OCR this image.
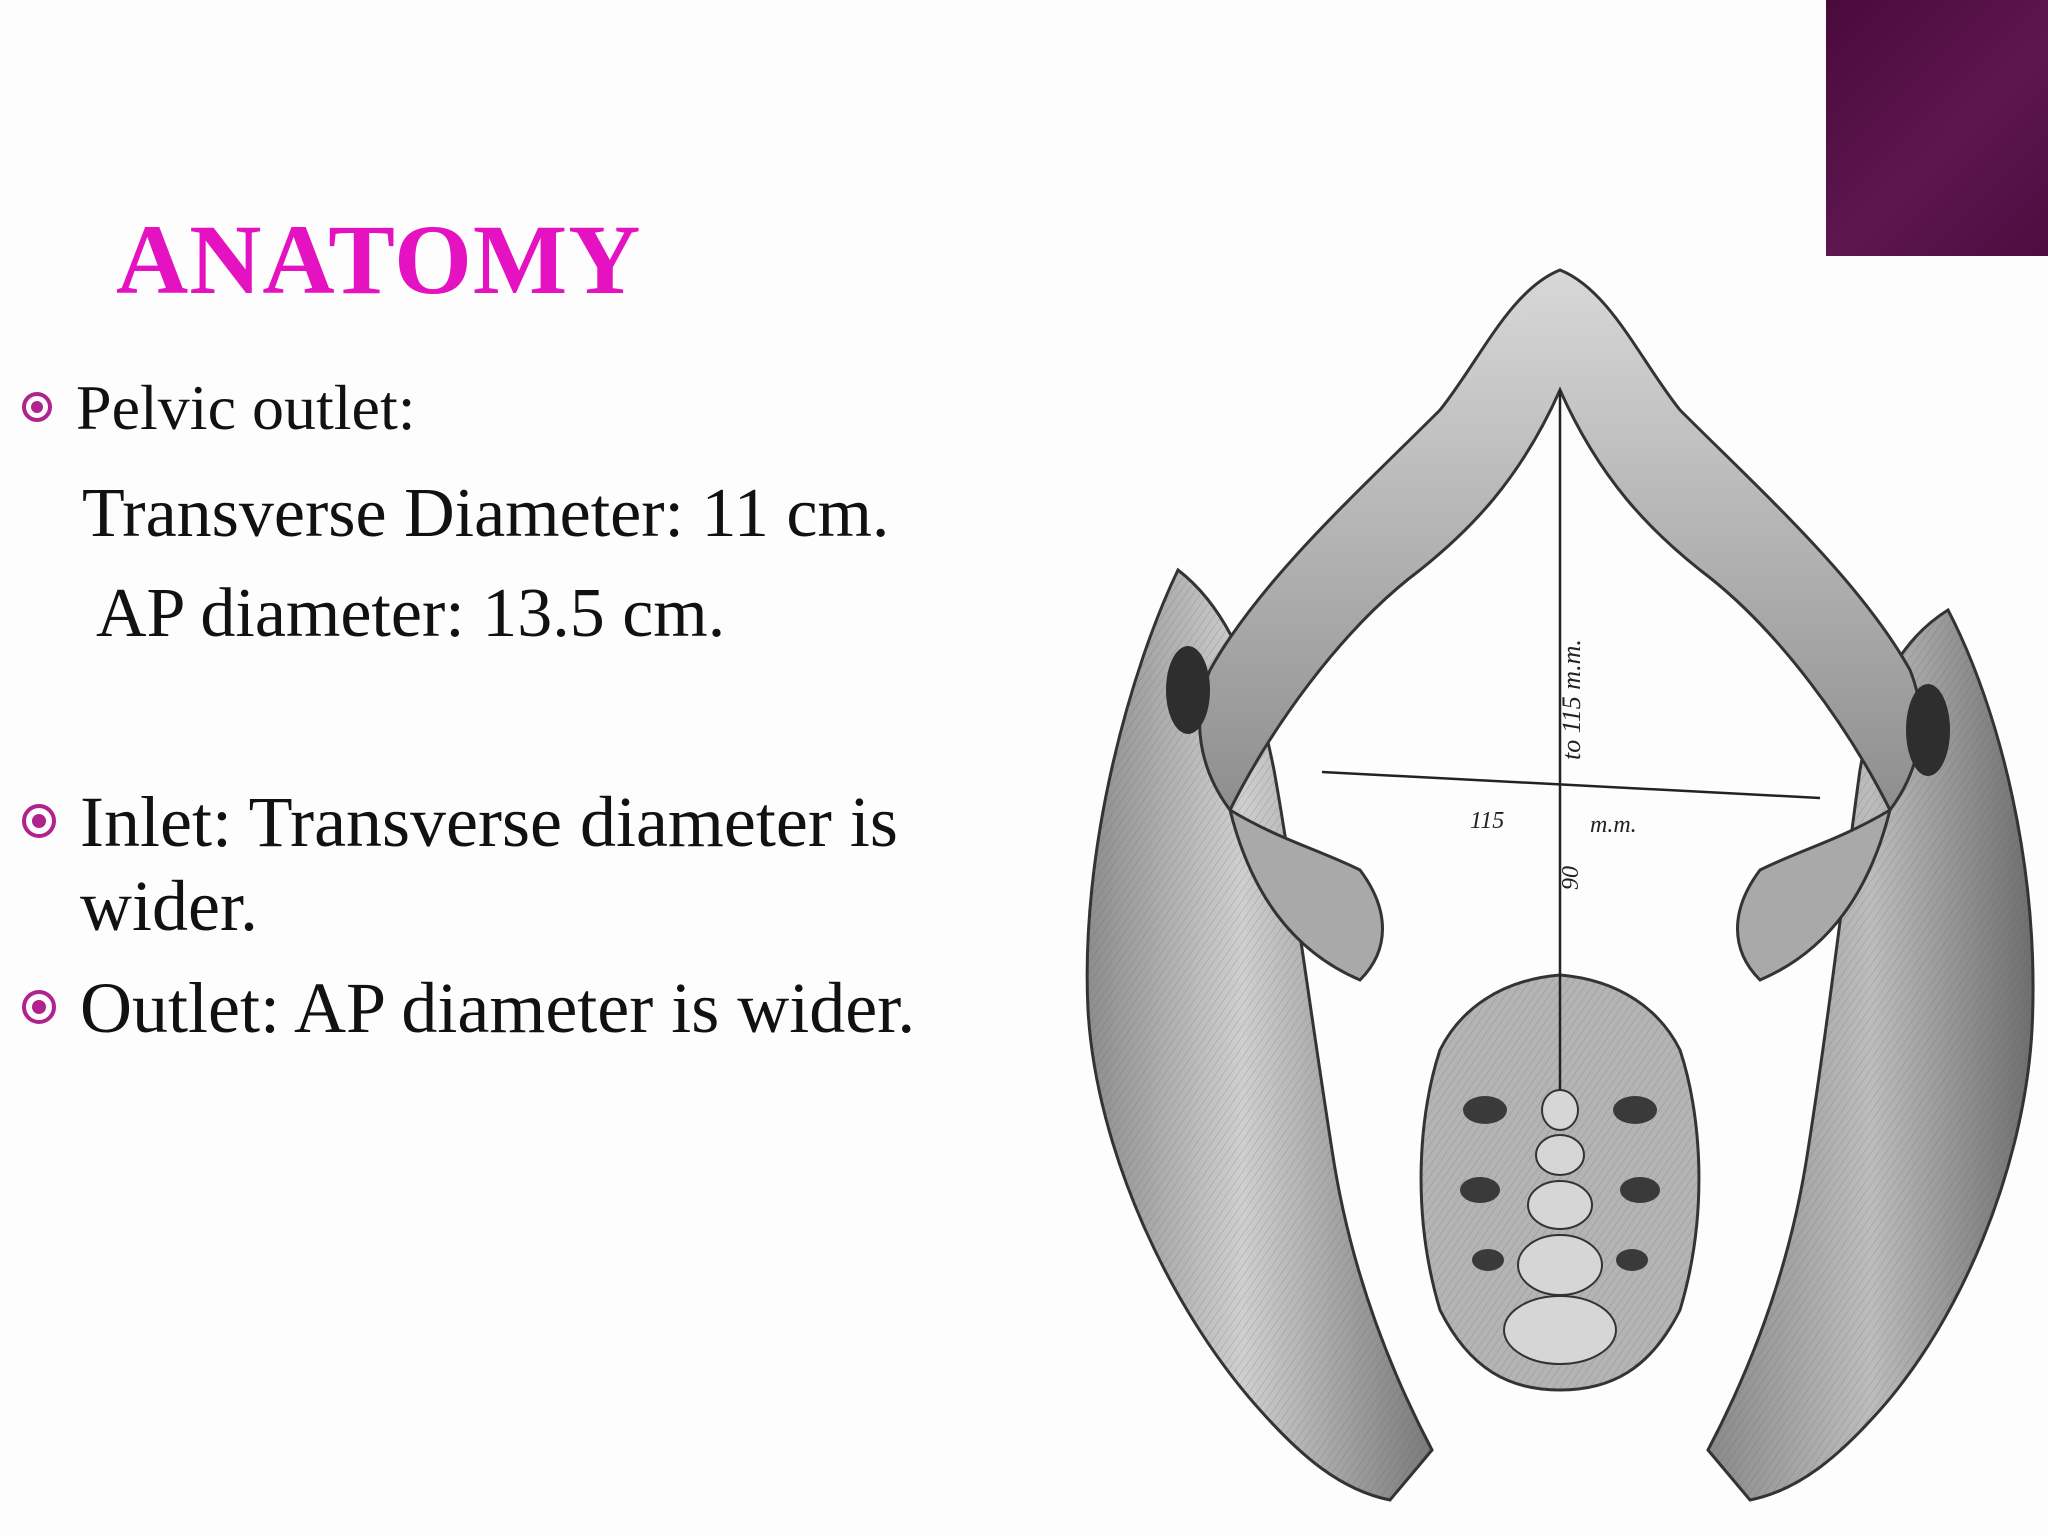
ANATOMY
Pelvic outlet:
Transverse Diameter: 11 cm.
AP diameter: 13.5 cm.
Inlet: Transverse diameter is wider.
Outlet: AP diameter is wider.
to 115 m.m.
90
115	m.m.
